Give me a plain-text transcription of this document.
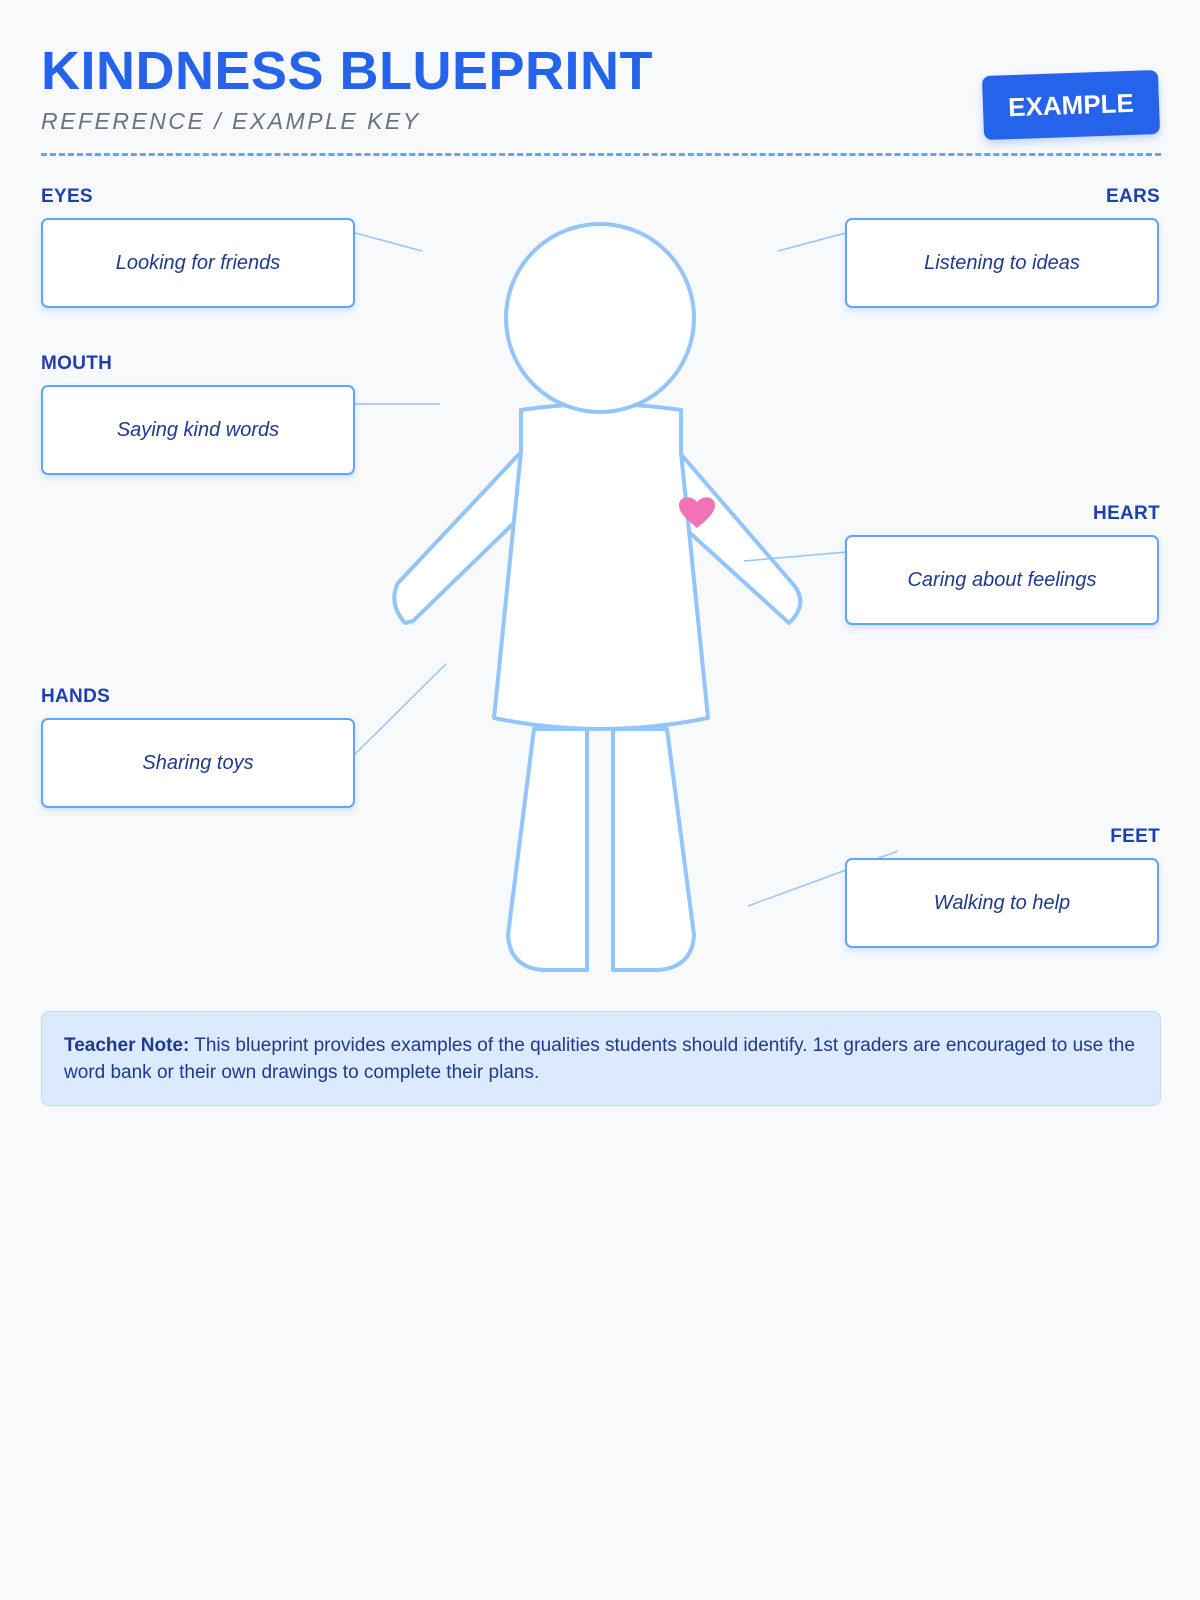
KINDNESS BLUEPRINT

REFERENCE / EXAMPLE KEY	EXAMPLE
EYES
Looking for friends
EARS
Listening to ideas
MOUTH
Saying kind words
HEART
Caring about feelings
HANDS
Sharing toys
FEET
Walking to help
Teacher Note: This blueprint provides examples of the qualities students should identify. 1st graders are encouraged to use the word bank or their own drawings to complete their plans.
